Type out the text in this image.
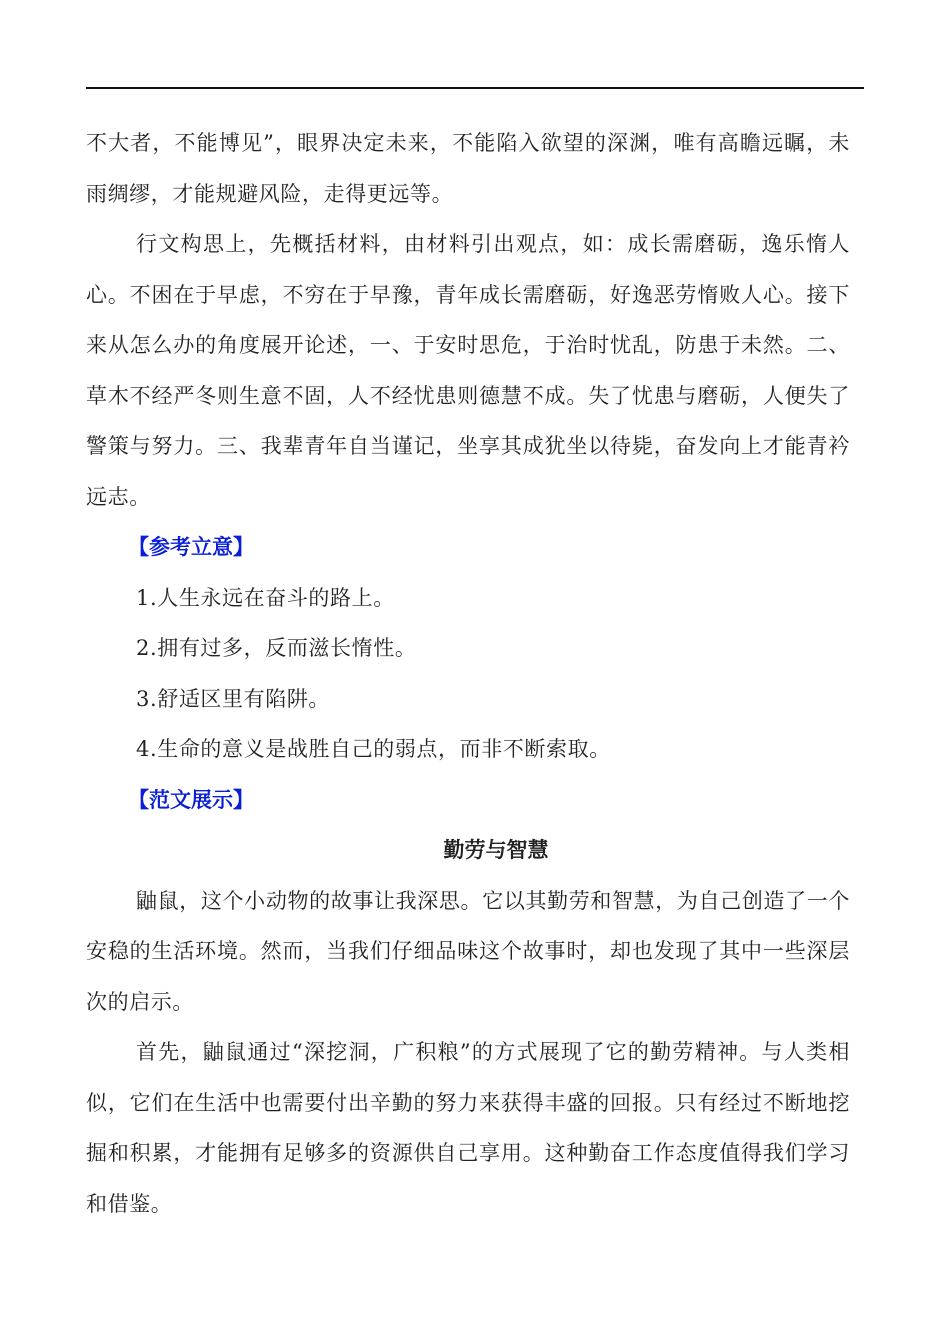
不大者，不能博见”，眼界决定未来，不能陷入欲望的深渊，唯有高瞻远瞩，未雨绸缪，才能规避风险，走得更远等。

行文构思上，先概括材料，由材料引出观点，如：成长需磨砺，逸乐惰人心。不困在于早虑，不穷在于早豫，青年成长需磨砺，好逸恶劳惰败人心。接下来从怎么办的角度展开论述，一、于安时思危，于治时忧乱，防患于未然。二、草木不经严冬则生意不固，人不经忧患则德慧不成。失了忧患与磨砺，人便失了警策与努力。三、我辈青年自当谨记，坐享其成犹坐以待毙，奋发向上才能青衿远志。

【参考立意】

1.人生永远在奋斗的路上。

2.拥有过多，反而滋长惰性。

3.舒适区里有陷阱。

4.生命的意义是战胜自己的弱点，而非不断索取。

【范文展示】

勤劳与智慧

鼬鼠，这个小动物的故事让我深思。它以其勤劳和智慧，为自己创造了一个安稳的生活环境。然而，当我们仔细品味这个故事时，却也发现了其中一些深层次的启示。

首先，鼬鼠通过“深挖洞，广积粮”的方式展现了它的勤劳精神。与人类相似，它们在生活中也需要付出辛勤的努力来获得丰盛的回报。只有经过不断地挖掘和积累，才能拥有足够多的资源供自己享用。这种勤奋工作态度值得我们学习和借鉴。
